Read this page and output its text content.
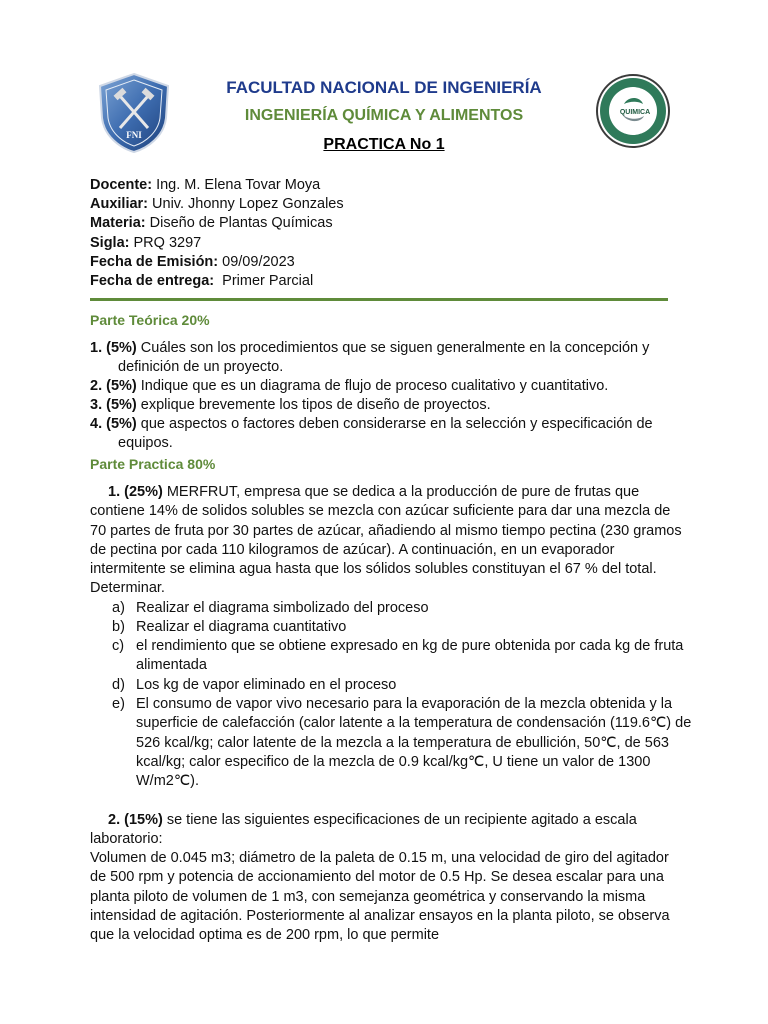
FNI
QUIMICA
FACULTAD NACIONAL DE INGENIERÍA
INGENIERÍA QUÍMICA Y ALIMENTOS
PRACTICA No 1
Docente: Ing. M. Elena Tovar Moya
Auxiliar: Univ. Jhonny Lopez Gonzales
Materia: Diseño de Plantas Químicas
Sigla: PRQ 3297
Fecha de Emisión: 09/09/2023
Fecha de entrega:  Primer Parcial
Parte Teórica 20%
1. (5%) Cuáles son los procedimientos que se siguen generalmente en la concepción y definición de un proyecto.
2. (5%) Indique que es un diagrama de flujo de proceso cualitativo y cuantitativo.
3. (5%) explique brevemente los tipos de diseño de proyectos.
4. (5%) que aspectos o factores deben considerarse en la selección y especificación de equipos.
Parte Practica 80%
1. (25%) MERFRUT, empresa que se dedica a la producción de pure de frutas que contiene 14% de solidos solubles se mezcla con azúcar suficiente para dar una mezcla de 70 partes de fruta por 30 partes de azúcar, añadiendo al mismo tiempo pectina (230 gramos de pectina por cada 110 kilogramos de azúcar). A continuación, en un evaporador intermitente se elimina agua hasta que los sólidos solubles constituyan el 67 % del total. Determinar.
a) Realizar el diagrama simbolizado del proceso
b) Realizar el diagrama cuantitativo
c) el rendimiento que se obtiene expresado en kg de pure obtenida por cada kg de fruta alimentada
d) Los kg de vapor eliminado en el proceso
e) El consumo de vapor vivo necesario para la evaporación de la mezcla obtenida y la superficie de calefacción (calor latente a la temperatura de condensación (119.6℃) de 526 kcal/kg; calor latente de la mezcla a la temperatura de ebullición, 50℃, de 563 kcal/kg; calor especifico de la mezcla de 0.9 kcal/kg℃, U tiene un valor de 1300 W/m2℃).
2. (15%) se tiene las siguientes especificaciones de un recipiente agitado a escala laboratorio:
Volumen de 0.045 m3; diámetro de la paleta de 0.15 m, una velocidad de giro del agitador de 500 rpm y potencia de accionamiento del motor de 0.5 Hp. Se desea escalar para una planta piloto de volumen de 1 m3, con semejanza geométrica y conservando la misma intensidad de agitación. Posteriormente al analizar ensayos en la planta piloto, se observa que la velocidad optima es de 200 rpm, lo que permite
